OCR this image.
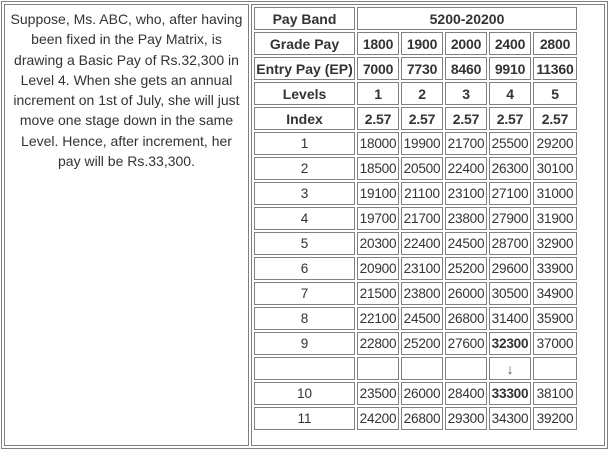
Suppose, Ms. ABC, who, after having been fixed in the Pay Matrix, is drawing a Basic Pay of Rs.32,300 in Level 4. When she gets an annual increment on 1st of July, she will just move one stage down in the same Level. Hence, after increment, her pay will be Rs.33,300.

Pay Band	5200-20200
Grade Pay	1800	1900	2000	2400	2800
Entry Pay (EP)	7000	7730	8460	9910	11360
Levels	1	2	3	4	5
Index	2.57	2.57	2.57	2.57	2.57
1	18000	19900	21700	25500	29200
2	18500	20500	22400	26300	30100
3	19100	21100	23100	27100	31000
4	19700	21700	23800	27900	31900
5	20300	22400	24500	28700	32900
6	20900	23100	25200	29600	33900
7	21500	23800	26000	30500	34900
8	22100	24500	26800	31400	35900
9	22800	25200	27600	32300	37000
				↓	
10	23500	26000	28400	33300	38100
11	24200	26800	29300	34300	39200
